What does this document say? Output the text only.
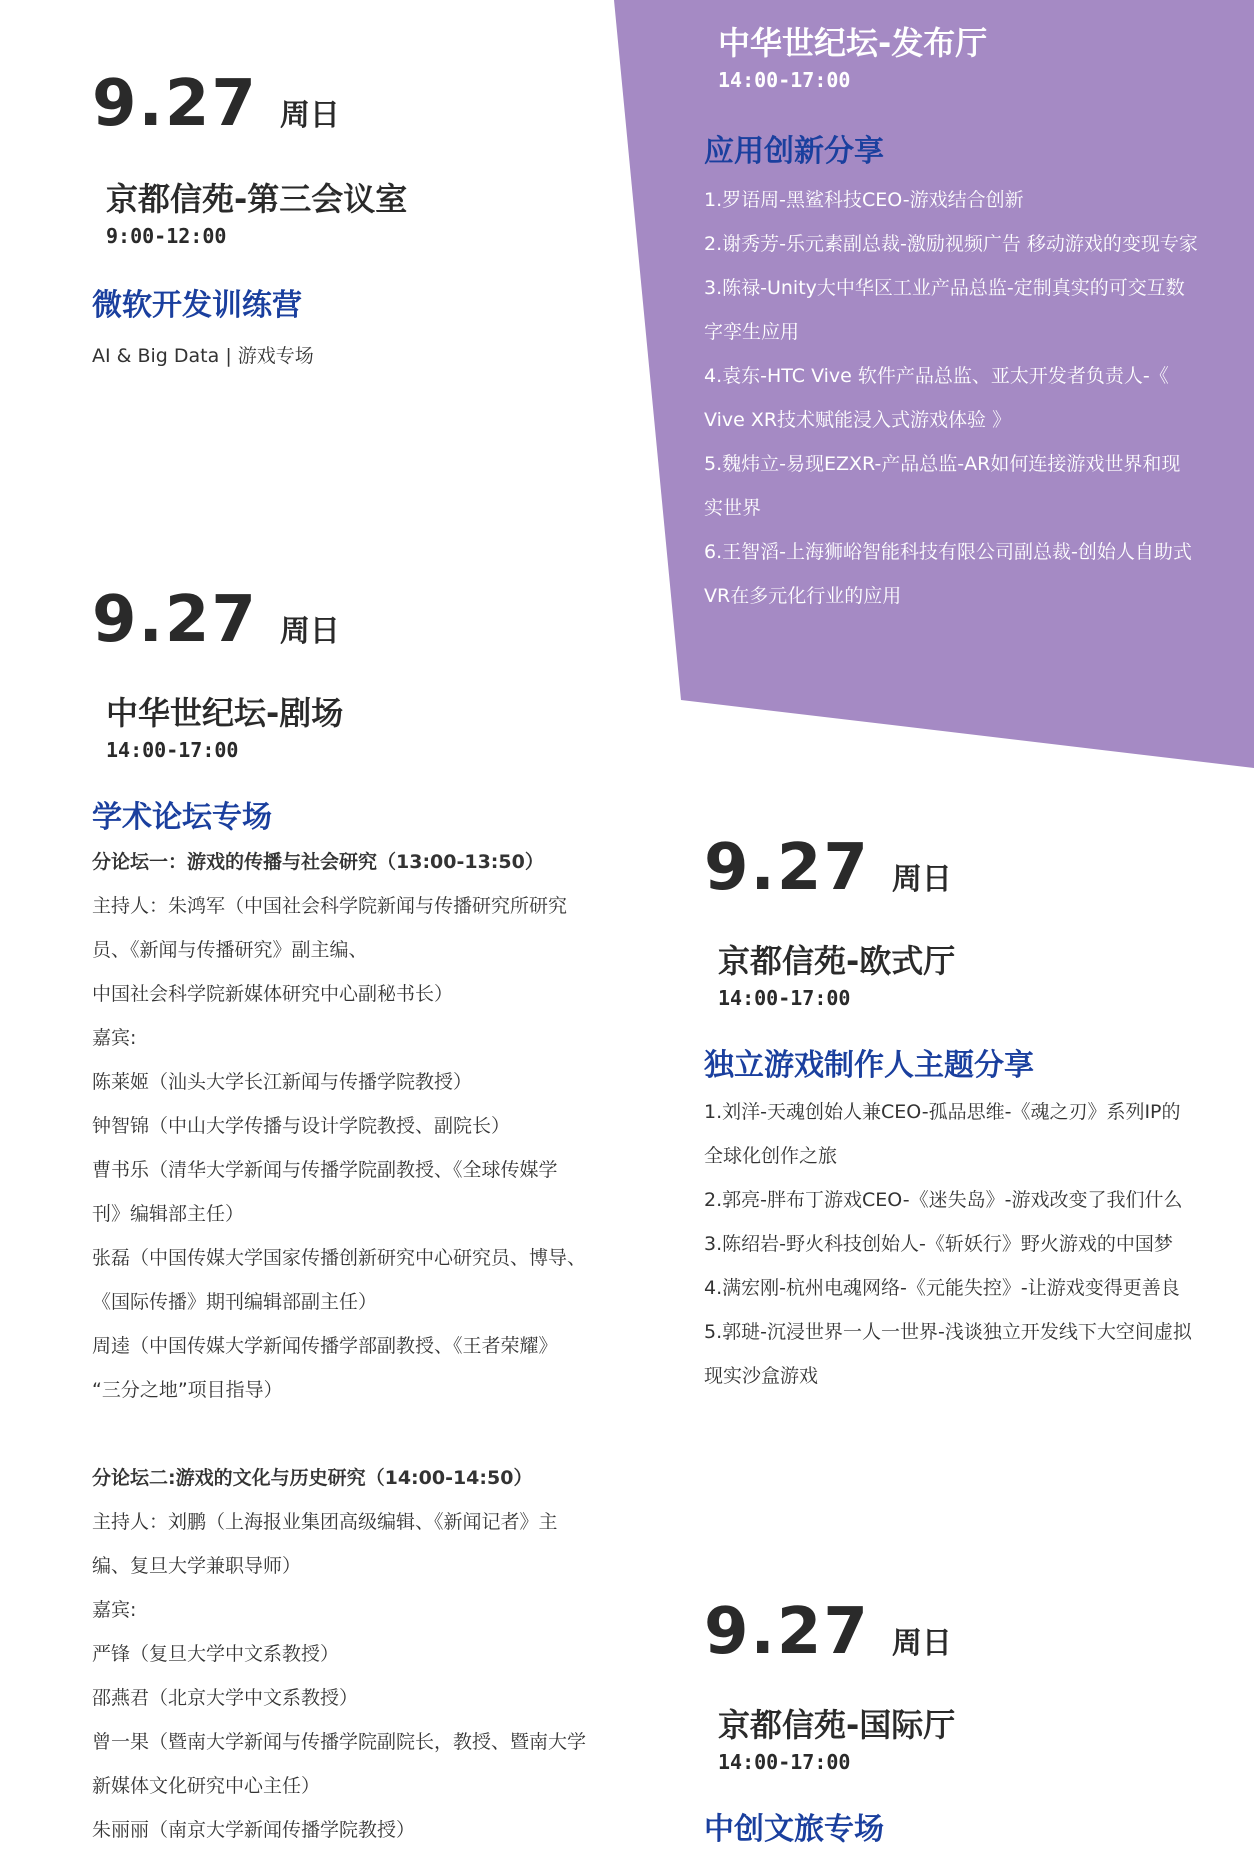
9.27 周日
京都信苑-第三会议室
9:00-12:00
微软开发训练营
AI & Big Data | 游戏专场
中华世纪坛-发布厅
14:00-17:00
应用创新分享
1.罗语周-黑鲨科技CEO-游戏结合创新
2.谢秀芳-乐元素副总裁-激励视频广告 移动游戏的变现专家
3.陈禄-Unity大中华区工业产品总监-定制真实的可交互数
字孪生应用
4.袁东-HTC Vive 软件产品总监、亚太开发者负责人-《
Vive XR技术赋能浸入式游戏体验 》
5.魏炜立-易现EZXR-产品总监-AR如何连接游戏世界和现
实世界
6.王智滔-上海狮峪智能科技有限公司副总裁-创始人自助式
VR在多元化行业的应用
9.27 周日
中华世纪坛-剧场
14:00-17:00
学术论坛专场
分论坛一：游戏的传播与社会研究（13:00-13:50）
主持人：朱鸿军（中国社会科学院新闻与传播研究所研究
员、《新闻与传播研究》副主编、
中国社会科学院新媒体研究中心副秘书长）
嘉宾:
陈莱姬（汕头大学长江新闻与传播学院教授）
钟智锦（中山大学传播与设计学院教授、副院长）
曹书乐（清华大学新闻与传播学院副教授、《全球传媒学
刊》编辑部主任）
张磊（中国传媒大学国家传播创新研究中心研究员、博导、
《国际传播》期刊编辑部副主任）
周逵（中国传媒大学新闻传播学部副教授、《王者荣耀》
“三分之地”项目指导）
分论坛二:游戏的文化与历史研究（14:00-14:50）
主持人：刘鹏（上海报业集团高级编辑、《新闻记者》主
编、复旦大学兼职导师）
嘉宾:
严锋（复旦大学中文系教授）
邵燕君（北京大学中文系教授）
曾一果（暨南大学新闻与传播学院副院长，教授、暨南大学
新媒体文化研究中心主任）
朱丽丽（南京大学新闻传播学院教授）
9.27 周日
京都信苑-欧式厅
14:00-17:00
独立游戏制作人主题分享
1.刘洋-天魂创始人兼CEO-孤品思维-《魂之刃》系列IP的
全球化创作之旅
2.郭亮-胖布丁游戏CEO-《迷失岛》-游戏改变了我们什么
3.陈绍岩-野火科技创始人-《斩妖行》野火游戏的中国梦
4.满宏刚-杭州电魂网络-《元能失控》-让游戏变得更善良
5.郭琎-沉浸世界一人一世界-浅谈独立开发线下大空间虚拟
现实沙盒游戏
9.27 周日
京都信苑-国际厅
14:00-17:00
中创文旅专场
